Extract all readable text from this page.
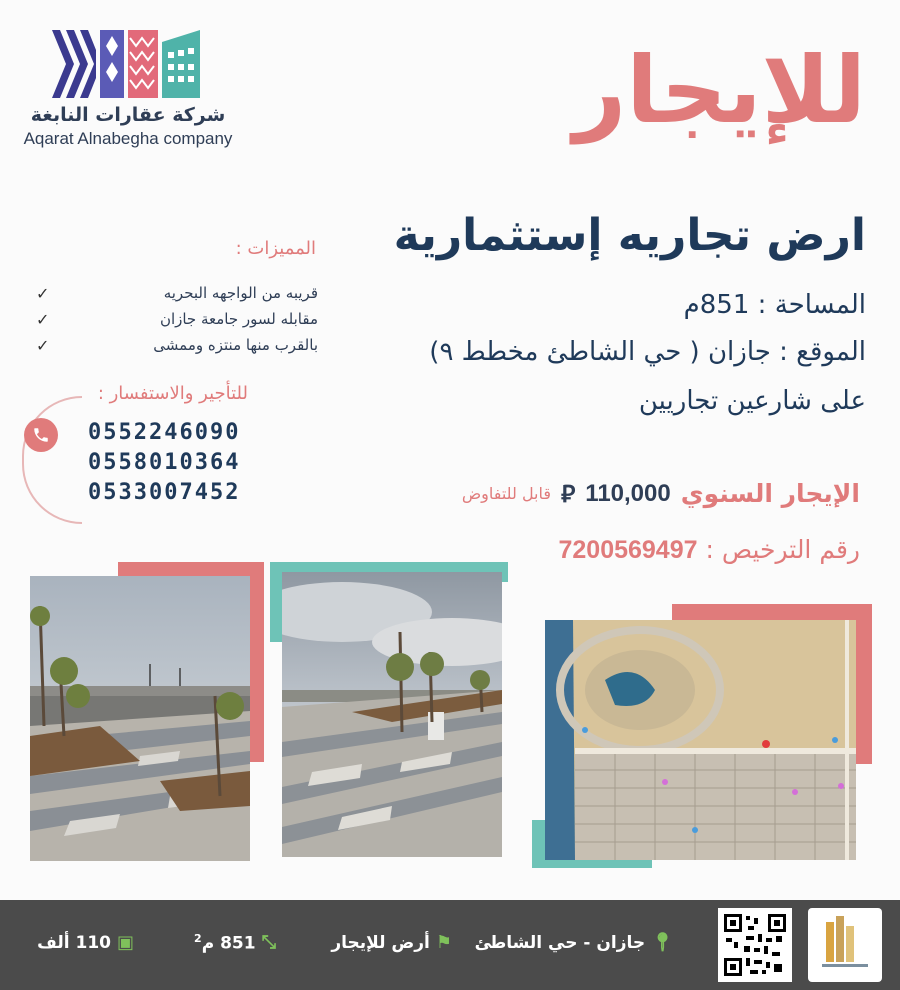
شركة عقارات النابغة
Aqarat Alnabegha company	للإيجار
ارض تجاريه إستثمارية
المساحة : 851م
الموقع : جازان ( حي الشاطئ مخطط ٩)
على شارعين تجاريين
الإيجار السنوي
110,000
⃁
قابل للتفاوض
رقم الترخيص : 7200569497
المميزات :
✓	قريبه من الواجهه البحريه
✓	مقابله لسور جامعة جازان
✓	بالقرب منها منتزه وممشى
للتأجير والاستفسار :
0552246090
0558010364
0533007452
📍︎
جازان - حي الشاطئ
⚑
أرض للإيجار
⤡
851 م$^2$
▣
110 ألف
